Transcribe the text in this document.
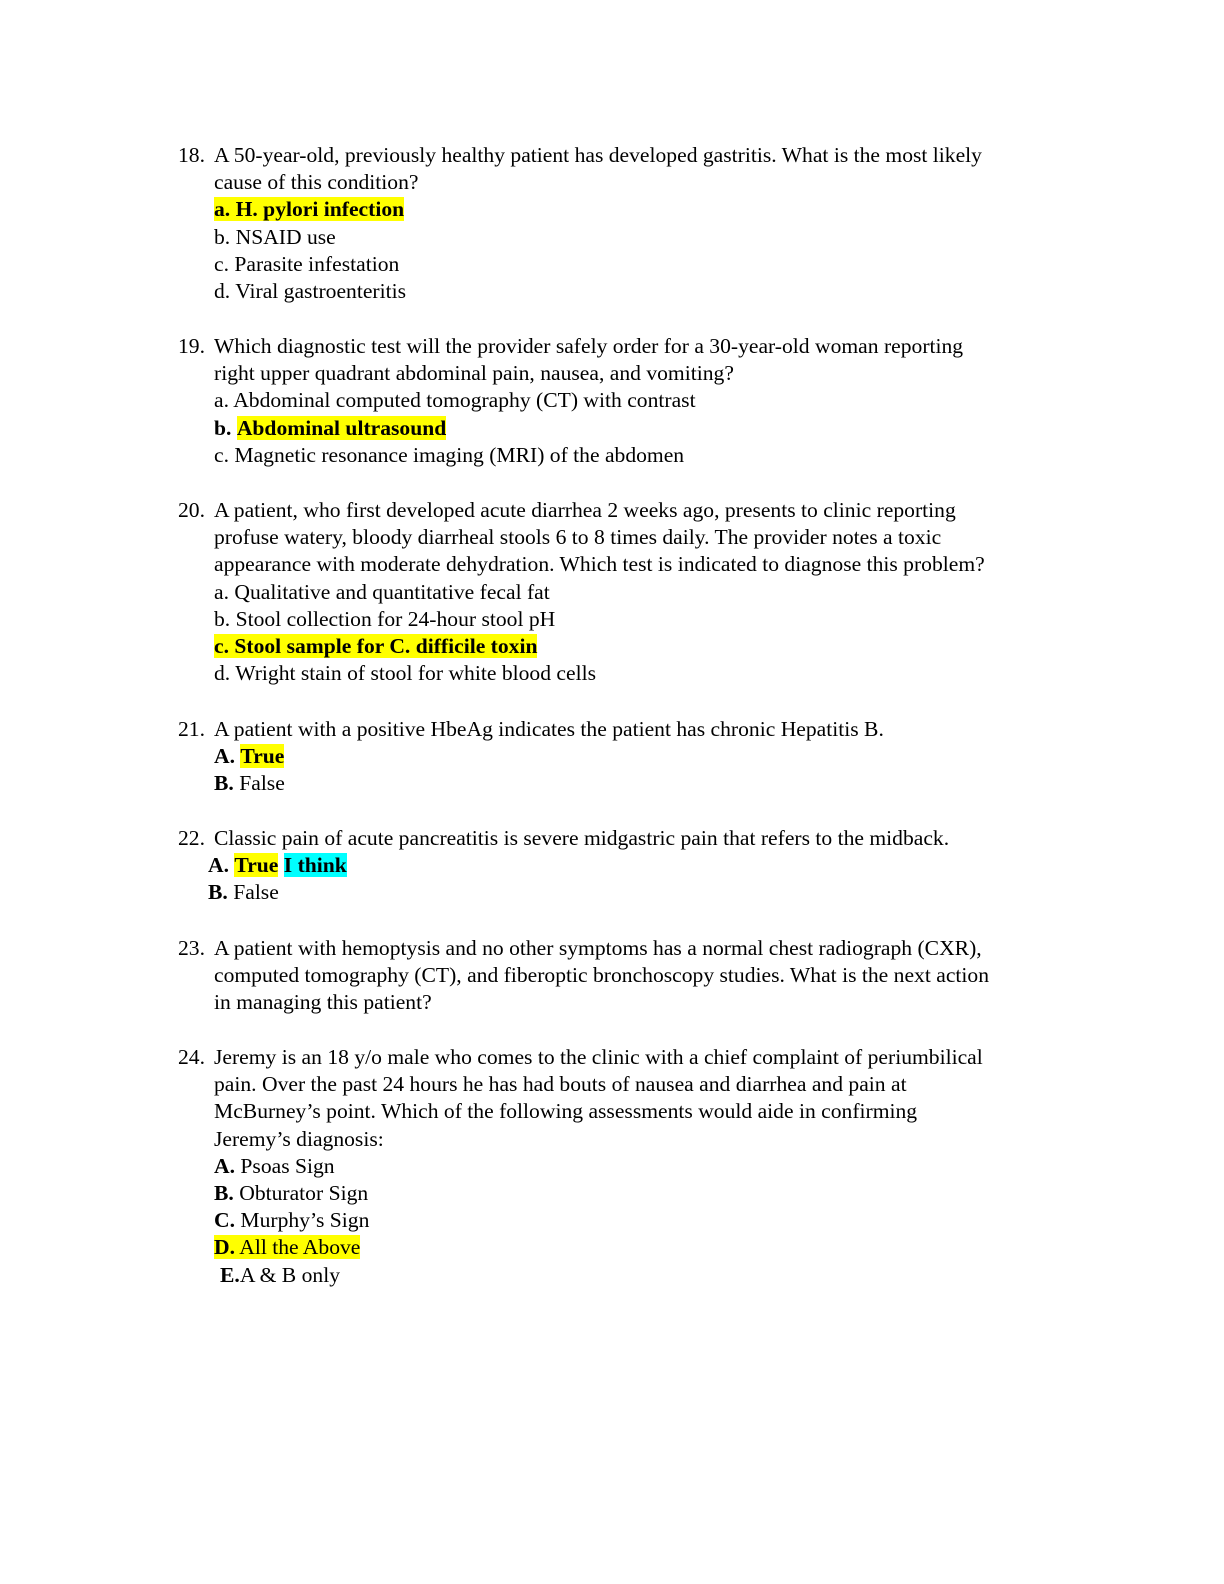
18. A 50-year-old, previously healthy patient has developed gastritis. What is the most likely
cause of this condition?
a. H. pylori infection
b. NSAID use
c. Parasite infestation
d. Viral gastroenteritis
19. Which diagnostic test will the provider safely order for a 30-year-old woman reporting
right upper quadrant abdominal pain, nausea, and vomiting?
a. Abdominal computed tomography (CT) with contrast
b. Abdominal ultrasound
c. Magnetic resonance imaging (MRI) of the abdomen
20. A patient, who first developed acute diarrhea 2 weeks ago, presents to clinic reporting
profuse watery, bloody diarrheal stools 6 to 8 times daily. The provider notes a toxic
appearance with moderate dehydration. Which test is indicated to diagnose this problem?
a. Qualitative and quantitative fecal fat
b. Stool collection for 24-hour stool pH
c. Stool sample for C. difficile toxin
d. Wright stain of stool for white blood cells
21. A patient with a positive HbeAg indicates the patient has chronic Hepatitis B.
A. True
B. False
22. Classic pain of acute pancreatitis is severe midgastric pain that refers to the midback.
A. True I think
B. False
23. A patient with hemoptysis and no other symptoms has a normal chest radiograph (CXR),
computed tomography (CT), and fiberoptic bronchoscopy studies. What is the next action
in managing this patient?
24. Jeremy is an 18 y/o male who comes to the clinic with a chief complaint of periumbilical
pain. Over the past 24 hours he has had bouts of nausea and diarrhea and pain at
McBurney’s point. Which of the following assessments would aide in confirming
Jeremy’s diagnosis:
A. Psoas Sign
B. Obturator Sign
C. Murphy’s Sign
D. All the Above
E.A & B only
